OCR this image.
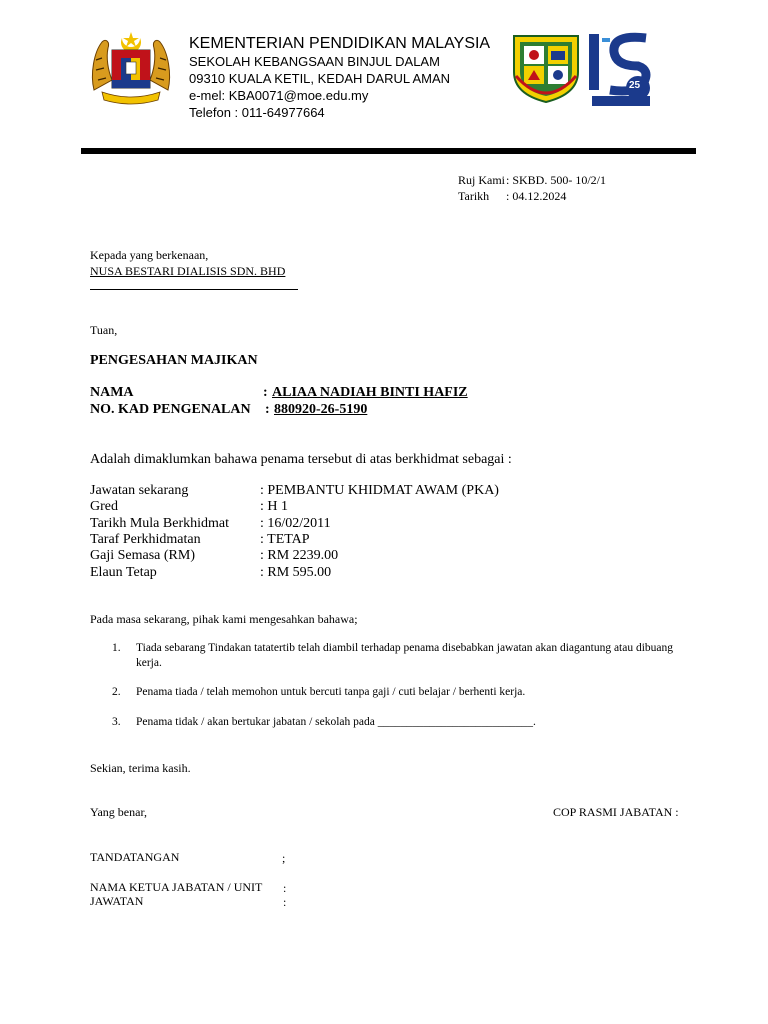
KEMENTERIAN PENDIDIKAN MALAYSIA
SEKOLAH KEBANGSAAN BINJUL DALAM
09310 KUALA KETIL, KEDAH DARUL AMAN
e-mel: KBA0071@moe.edu.my
Telefon : 011-64977664
25
Ruj Kami: SKBD. 500- 10/2/1
Tarikh : 04.12.2024
Kepada yang berkenaan,
NUSA BESTARI DIALISIS SDN. BHD
Tuan,
PENGESAHAN MAJIKAN
NAMA	: ALIAA NADIAH BINTI HAFIZ
NO. KAD PENGENALAN : 880920-26-5190
Adalah dimaklumkan bahawa penama tersebut di atas berkhidmat sebagai :
Jawatan sekarang	: PEMBANTU KHIDMAT AWAM (PKA)
Gred	: H 1
Tarikh Mula Berkhidmat : 16/02/2011
Taraf Perkhidmatan	: TETAP
Gaji Semasa (RM)	: RM 2239.00
Elaun Tetap	: RM 595.00
Pada masa sekarang, pihak kami mengesahkan bahawa;
1. Tiada sebarang Tindakan tatatertib telah diambil terhadap penama disebabkan jawatan akan diagantung atau dibuang kerja.
2. Penama tiada / telah memohon untuk bercuti tanpa gaji / cuti belajar / berhenti kerja.
3. Penama tidak / akan bertukar jabatan / sekolah pada ___________________________.
Sekian, terima kasih.
Yang benar,	COP RASMI JABATAN :
TANDATANGAN	;
NAMA KETUA JABATAN / UNIT :
JAWATAN	:
